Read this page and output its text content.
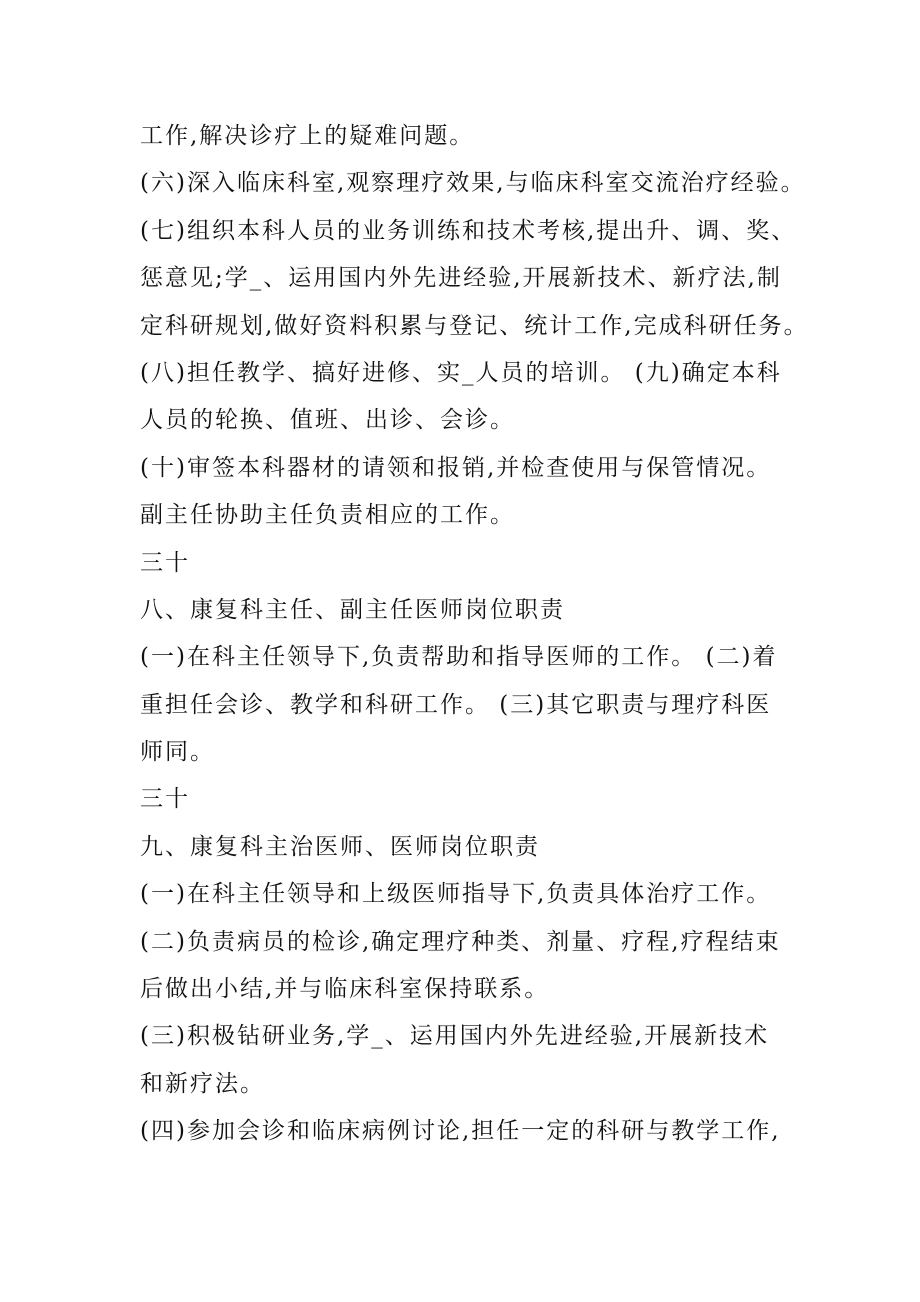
工作,解决诊疗上的疑难问题。
(六)深入临床科室,观察理疗效果,与临床科室交流治疗经验。
(七)组织本科人员的业务训练和技术考核,提出升、调、奖、
惩意见;学_、运用国内外先进经验,开展新技术、新疗法,制
定科研规划,做好资料积累与登记、统计工作,完成科研任务。
(八)担任教学、搞好进修、实_人员的培训。 (九)确定本科
人员的轮换、值班、出诊、会诊。
(十)审签本科器材的请领和报销,并检查使用与保管情况。
副主任协助主任负责相应的工作。
三十
八、康复科主任、副主任医师岗位职责
(一)在科主任领导下,负责帮助和指导医师的工作。 (二)着
重担任会诊、教学和科研工作。 (三)其它职责与理疗科医
师同。
三十
九、康复科主治医师、医师岗位职责
(一)在科主任领导和上级医师指导下,负责具体治疗工作。
(二)负责病员的检诊,确定理疗种类、剂量、疗程,疗程结束
后做出小结,并与临床科室保持联系。
(三)积极钻研业务,学_、运用国内外先进经验,开展新技术
和新疗法。
(四)参加会诊和临床病例讨论,担任一定的科研与教学工作,
